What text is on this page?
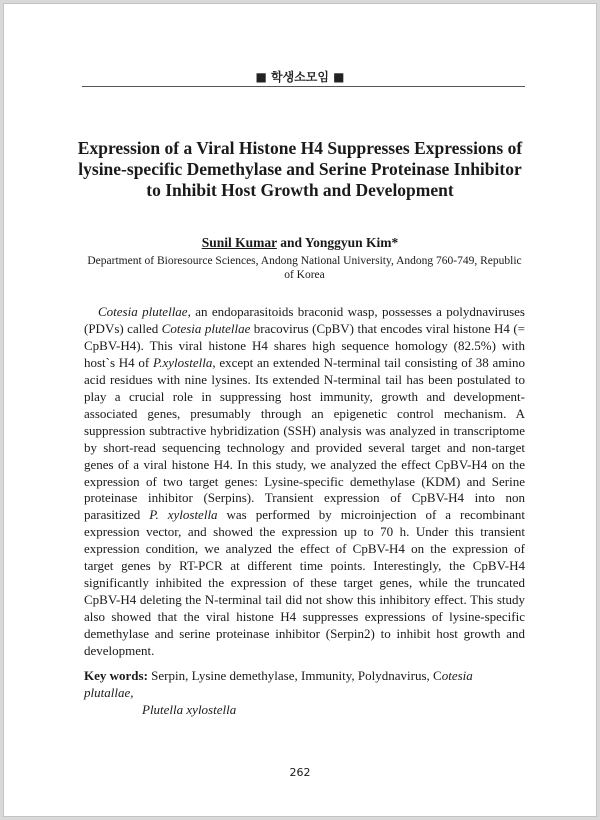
■ 학생소모임 ■
Expression of a Viral Histone H4 Suppresses Expressions of lysine-specific Demethylase and Serine Proteinase Inhibitor to Inhibit Host Growth and Development
Sunil Kumar and Yonggyun Kim*
Department of Bioresource Sciences, Andong National University, Andong 760-749, Republic of Korea

Cotesia plutellae, an endoparasitoids braconid wasp, possesses a polydnaviruses (PDVs) called Cotesia plutellae bracovirus (CpBV) that encodes viral histone H4 (= CpBV-H4). This viral histone H4 shares high sequence homology (82.5%) with host`s H4 of P.xylostella, except an extended N-terminal tail consisting of 38 amino acid residues with nine lysines. Its extended N-terminal tail has been postulated to play a crucial role in suppressing host immunity, growth and development-associated genes, presumably through an epigenetic control mechanism. A suppression subtractive hybridization (SSH) analysis was analyzed in transcriptome by short-read sequencing technology and provided several target and non-target genes of a viral histone H4. In this study, we analyzed the effect CpBV-H4 on the expression of two target genes: Lysine-specific demethylase (KDM) and Serine proteinase inhibitor (Serpins). Transient expression of CpBV-H4 into non parasitized P. xylostella was performed by microinjection of a recombinant expression vector, and showed the expression up to 70 h. Under this transient expression condition, we analyzed the effect of CpBV-H4 on the expression of target genes by RT-PCR at different time points. Interestingly, the CpBV-H4 significantly inhibited the expression of these target genes, while the truncated CpBV-H4 deleting the N-terminal tail did not show this inhibitory effect. This study also showed that the viral histone H4 suppresses expressions of lysine-specific demethylase and serine proteinase inhibitor (Serpin2) to inhibit host growth and development.

Key words: Serpin, Lysine demethylase, Immunity, Polydnavirus, Cotesia plutallae,
Plutella xylostella
262
